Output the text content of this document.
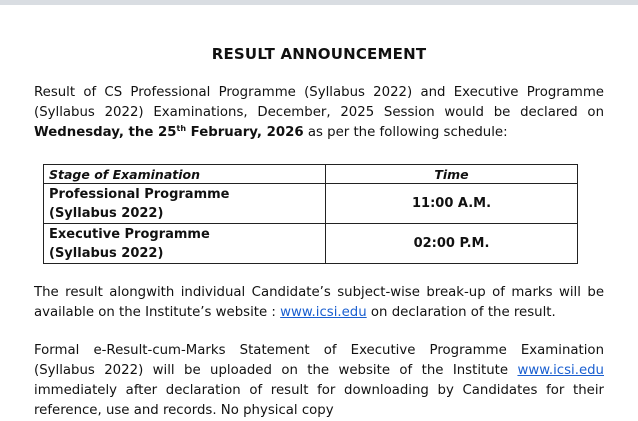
RESULT ANNOUNCEMENT
Result of CS Professional Programme (Syllabus 2022) and Executive Programme (Syllabus 2022) Examinations, December, 2025 Session would be declared on Wednesday, the 25th February, 2026 as per the following schedule:
Stage of Examination	Time
Professional Programme
(Syllabus 2022)	11:00 A.M.
Executive Programme
(Syllabus 2022)	02:00 P.M.
The result alongwith individual Candidate’s subject-wise break-up of marks will be available on the Institute’s website : www.icsi.edu on declaration of the result.
Formal e-Result-cum-Marks Statement of Executive Programme Examination (Syllabus 2022) will be uploaded on the website of the Institute www.icsi.edu immediately after declaration of result for downloading by Candidates for their reference, use and records. No physical copy
